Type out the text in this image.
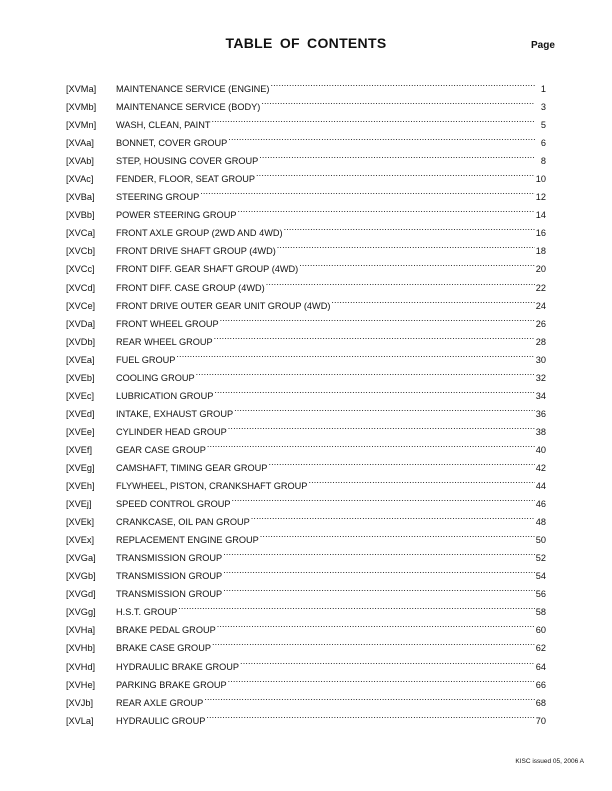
TABLE OF CONTENTS	Page
[XVMa]	MAINTENANCE SERVICE (ENGINE) .....	1
[XVMb]	MAINTENANCE SERVICE (BODY) .....	3
[XVMn]	WASH, CLEAN, PAINT .....	5
[XVAa]	BONNET, COVER GROUP .....	6
[XVAb]	STEP, HOUSING COVER GROUP .....	8
[XVAc]	FENDER, FLOOR, SEAT GROUP .....	10
[XVBa]	STEERING GROUP .....	12
[XVBb]	POWER STEERING GROUP .....	14
[XVCa]	FRONT AXLE GROUP (2WD AND 4WD) .....	16
[XVCb]	FRONT DRIVE SHAFT GROUP (4WD) .....	18
[XVCc]	FRONT DIFF. GEAR SHAFT GROUP (4WD) .....	20
[XVCd]	FRONT DIFF. CASE GROUP (4WD) .....	22
[XVCe]	FRONT DRIVE OUTER GEAR UNIT GROUP (4WD) .....	24
[XVDa]	FRONT WHEEL GROUP .....	26
[XVDb]	REAR WHEEL GROUP .....	28
[XVEa]	FUEL GROUP .....	30
[XVEb]	COOLING GROUP .....	32
[XVEc]	LUBRICATION GROUP .....	34
[XVEd]	INTAKE, EXHAUST GROUP .....	36
[XVEe]	CYLINDER HEAD GROUP .....	38
[XVEf]	GEAR CASE GROUP .....	40
[XVEg]	CAMSHAFT, TIMING GEAR GROUP .....	42
[XVEh]	FLYWHEEL, PISTON, CRANKSHAFT GROUP .....	44
[XVEj]	SPEED CONTROL GROUP .....	46
[XVEk]	CRANKCASE, OIL PAN GROUP .....	48
[XVEx]	REPLACEMENT ENGINE GROUP .....	50
[XVGa]	TRANSMISSION GROUP .....	52
[XVGb]	TRANSMISSION GROUP .....	54
[XVGd]	TRANSMISSION GROUP .....	56
[XVGg]	H.S.T. GROUP .....	58
[XVHa]	BRAKE PEDAL GROUP .....	60
[XVHb]	BRAKE CASE GROUP .....	62
[XVHd]	HYDRAULIC BRAKE GROUP .....	64
[XVHe]	PARKING BRAKE GROUP .....	66
[XVJb]	REAR AXLE GROUP .....	68
[XVLa]	HYDRAULIC GROUP .....	70
KISC issued 05, 2006 A
